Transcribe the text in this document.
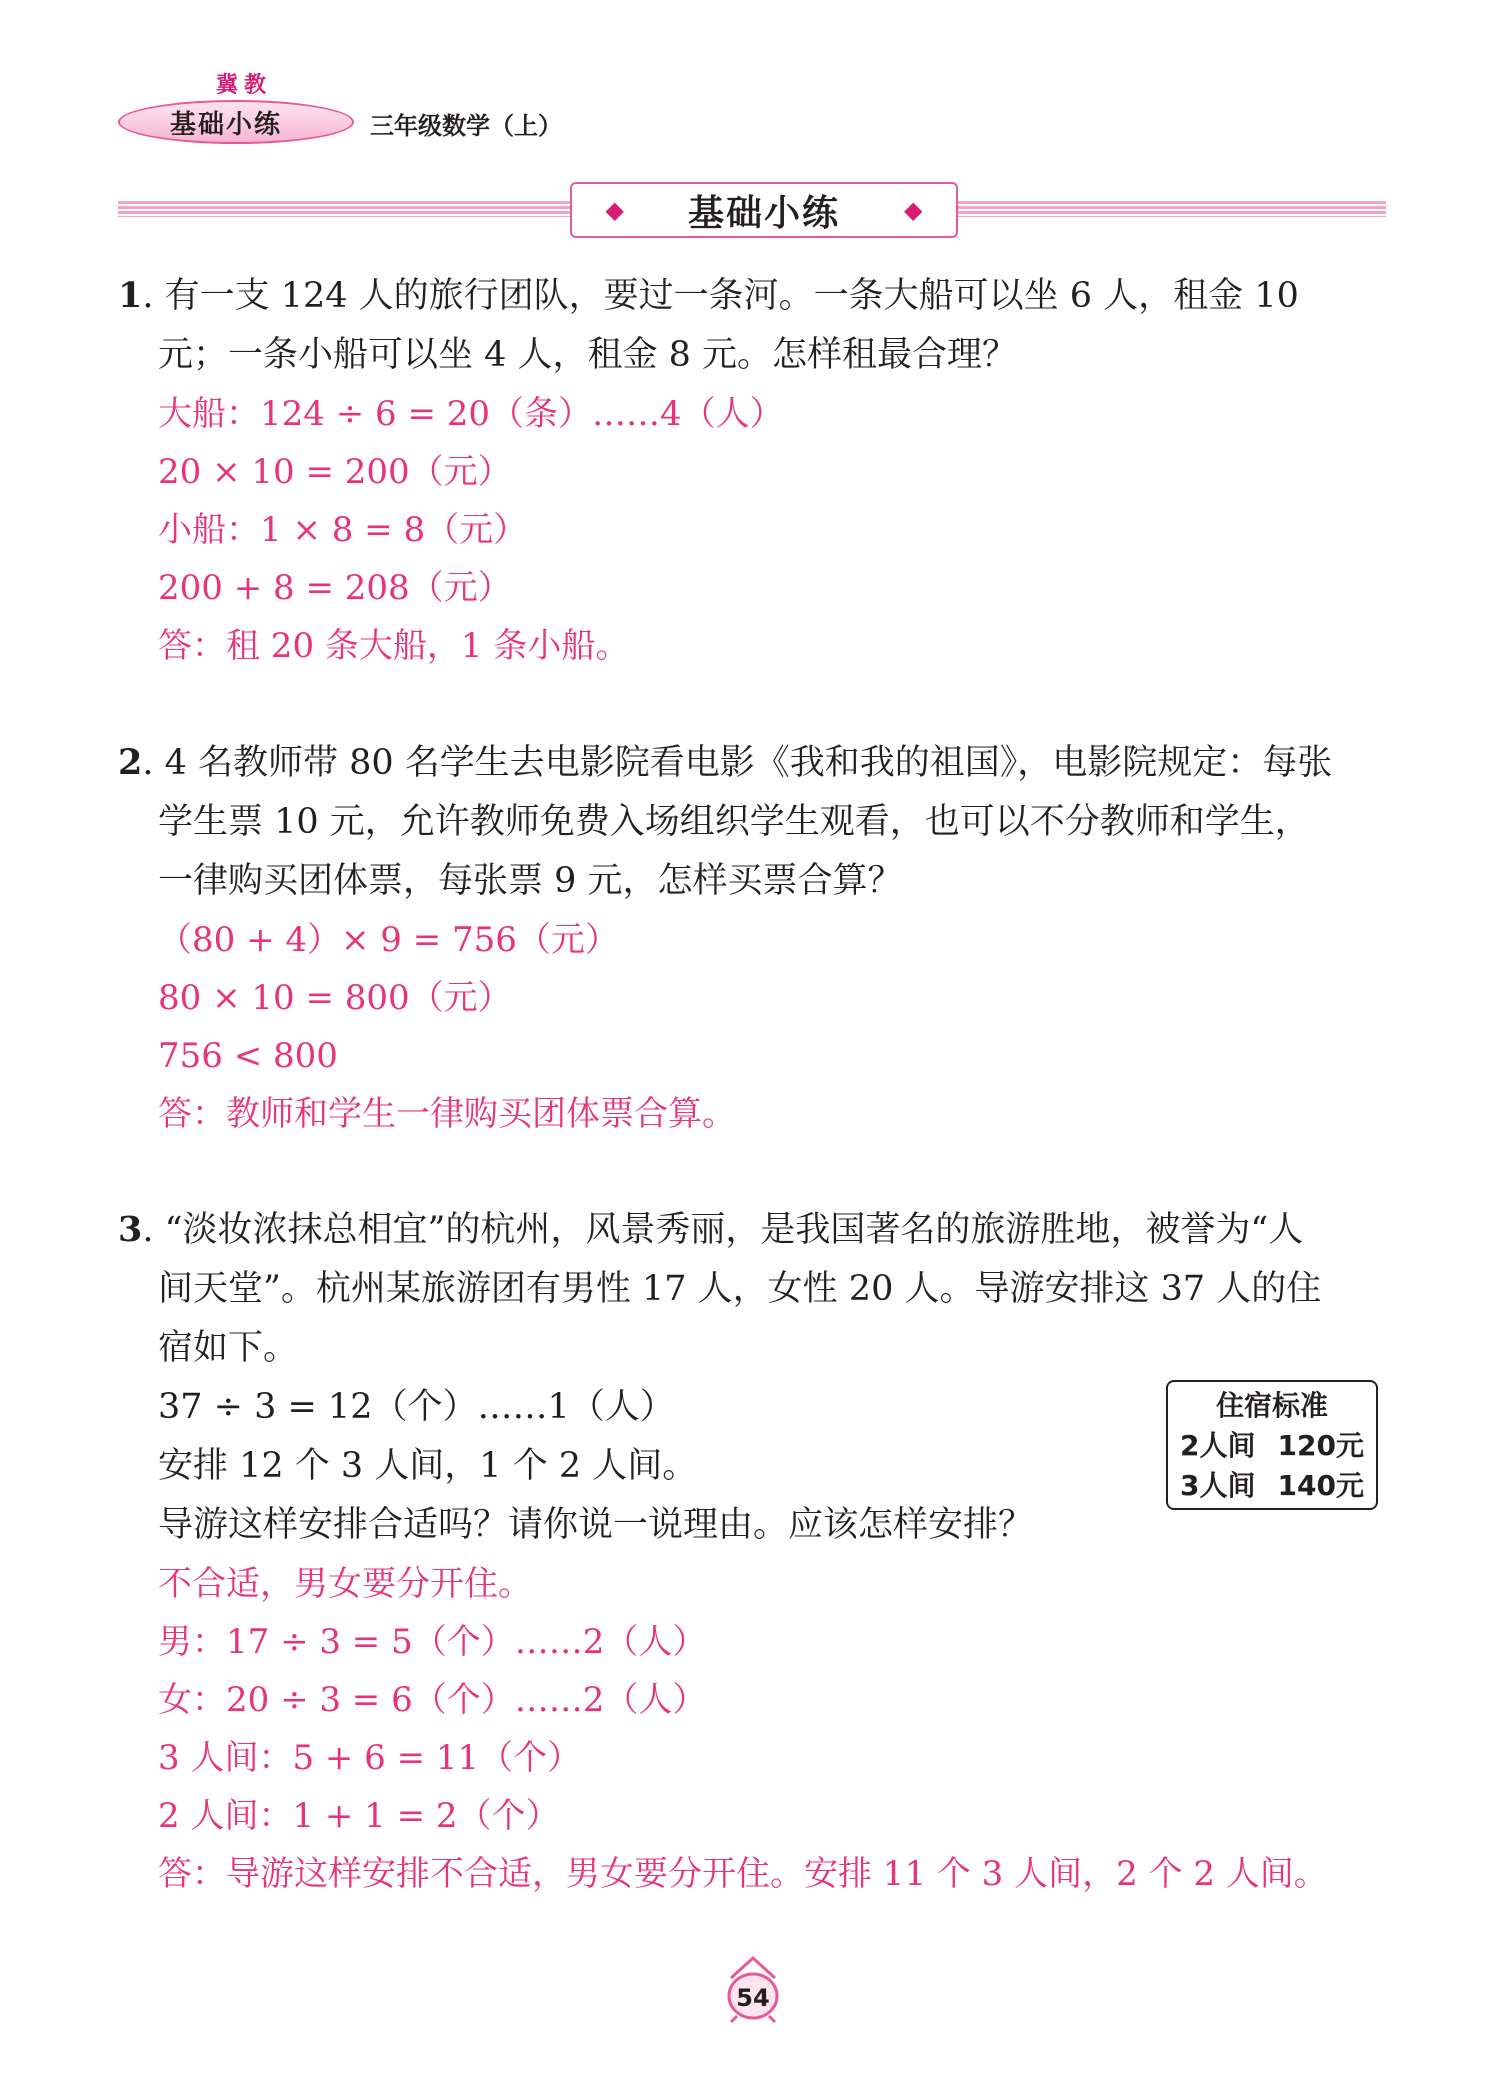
冀教
基础小练	三年级数学（上）
◆ 基础小练	◆
1. 有一支 124 人的旅行团队，要过一条河。一条大船可以坐 6 人，租金 10
元；一条小船可以坐 4 人，租金 8 元。怎样租最合理？
大船：124 ÷ 6 = 20（条）……4（人）
20 × 10 = 200（元）
小船：1 × 8 = 8（元）
200 + 8 = 208（元）
答：租 20 条大船，1 条小船。
2. 4 名教师带 80 名学生去电影院看电影《我和我的祖国》，电影院规定：每张
学生票 10 元，允许教师免费入场组织学生观看，也可以不分教师和学生，
一律购买团体票，每张票 9 元，怎样买票合算？
（80 + 4）× 9 = 756（元）
80 × 10 = 800（元）
756 < 800
答：教师和学生一律购买团体票合算。
3. “淡妆浓抹总相宜”的杭州，风景秀丽，是我国著名的旅游胜地，被誉为“人
间天堂”。杭州某旅游团有男性 17 人，女性 20 人。导游安排这 37 人的住
宿如下。
37 ÷ 3 = 12（个）……1（人）
安排 12 个 3 人间，1 个 2 人间。
导游这样安排合适吗？请你说一说理由。应该怎样安排？
不合适，男女要分开住。
男：17 ÷ 3 = 5（个）……2（人）
女：20 ÷ 3 = 6（个）……2（人）
3 人间：5 + 6 = 11（个）
2 人间：1 + 1 = 2（个）
答：导游这样安排不合适，男女要分开住。安排 11 个 3 人间，2 个 2 人间。
住宿标准
2人间 120元
3人间 140元
54
